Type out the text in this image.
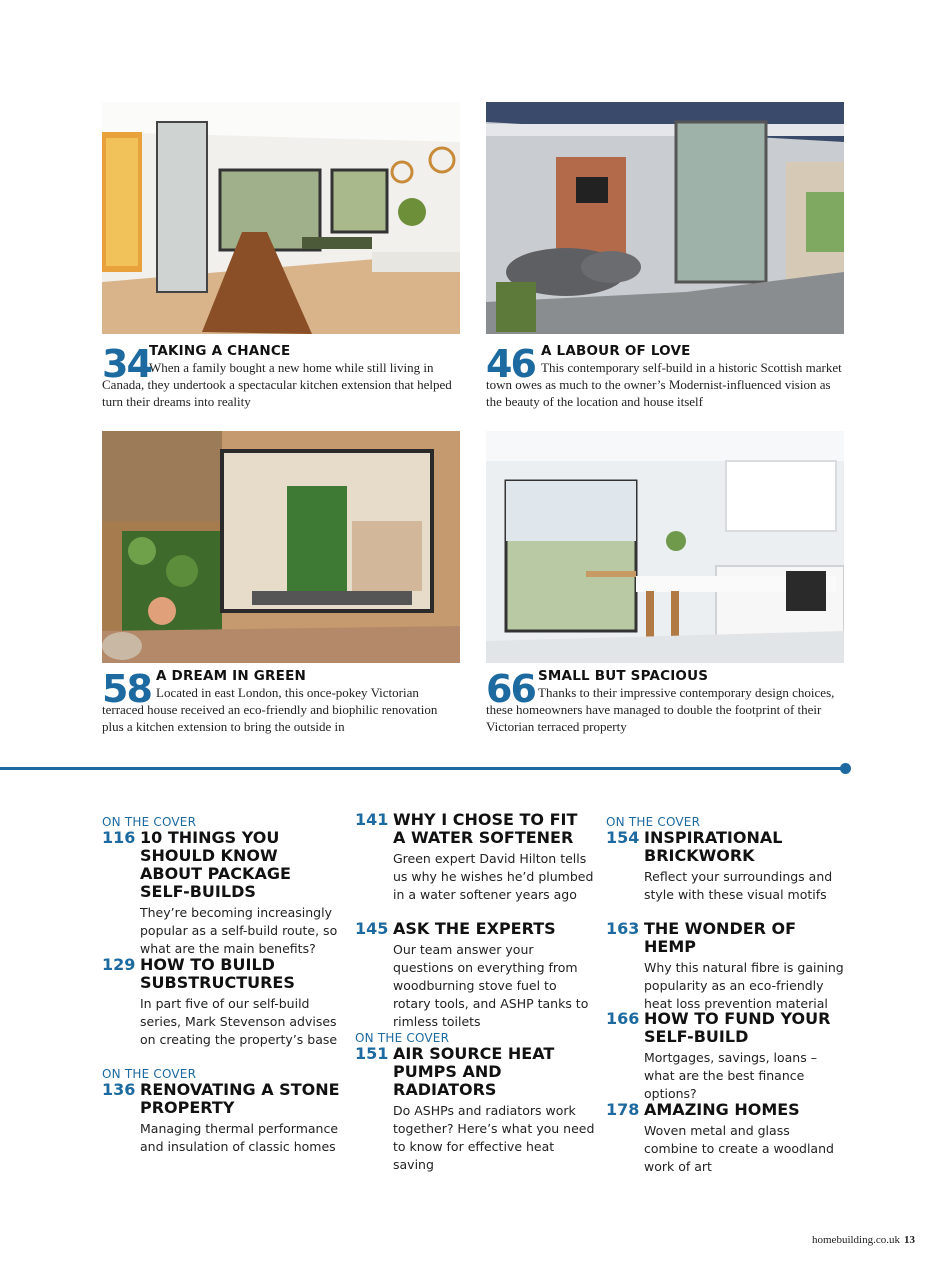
34
TAKING A CHANCE
When a family bought a new home while still living in Canada, they undertook a spectacular kitchen extension that helped turn their dreams into reality
46 A LABOUR OF LOVE
This contemporary self-build in a historic Scottish market town owes as much to the owner’s Modernist-influenced vision as the beauty of the location and house itself
58 A DREAM IN GREEN
Located in east London, this once-pokey Victorian terraced house received an eco-friendly and biophilic renovation plus a kitchen extension to bring the outside in
66 SMALL BUT SPACIOUS
Thanks to their impressive contemporary design choices, these homeowners have managed to double the footprint of their Victorian terraced property
ON THE COVER
116 10 THINGS YOU SHOULD KNOW ABOUT PACKAGE SELF-BUILDS
They’re becoming increasingly popular as a self-build route, so what are the main benefits?
129 HOW TO BUILD SUBSTRUCTURES
In part five of our self-build series, Mark Stevenson advises on creating the property’s base
ON THE COVER
136 RENOVATING A STONE PROPERTY
Managing thermal performance and insulation of classic homes
141 WHY I CHOSE TO FIT A WATER SOFTENER
Green expert David Hilton tells us why he wishes he’d plumbed in a water softener years ago
145 ASK THE EXPERTS
Our team answer your questions on everything from woodburning stove fuel to rotary tools, and ASHP tanks to rimless toilets
ON THE COVER
151 AIR SOURCE HEAT PUMPS AND RADIATORS
Do ASHPs and radiators work together? Here’s what you need to know for effective heat saving
ON THE COVER
154 INSPIRATIONAL BRICKWORK
Reflect your surroundings and style with these visual motifs
163 THE WONDER OF HEMP
Why this natural fibre is gaining popularity as an eco-friendly heat loss prevention material
166 HOW TO FUND YOUR SELF-BUILD
Mortgages, savings, loans – what are the best finance options?
178 AMAZING HOMES
Woven metal and glass combine to create a woodland work of art
homebuilding.co.uk 13
